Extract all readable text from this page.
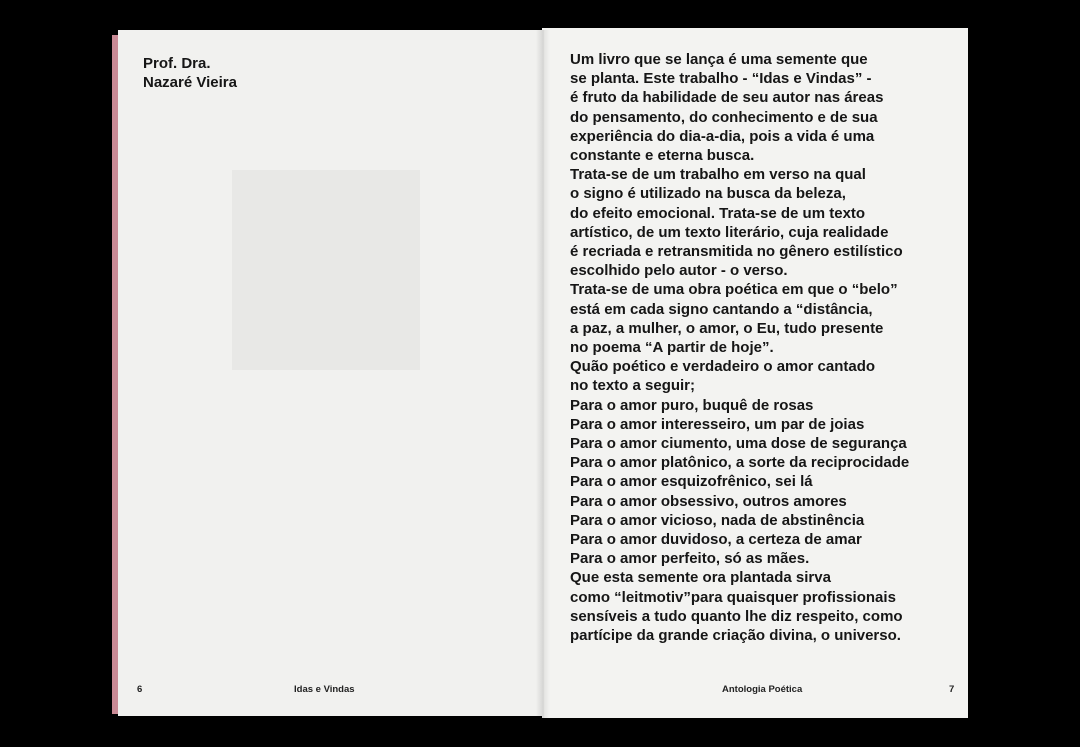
Prof. Dra.
Nazaré Vieira
Um livro que se lança é uma semente que
se planta. Este trabalho - “Idas e Vindas” -
é fruto da habilidade de seu autor nas áreas
do pensamento, do conhecimento e de sua
experiência do dia-a-dia, pois a vida é uma
constante e eterna busca.
Trata-se de um trabalho em verso na qual
o signo é utilizado na busca da beleza,
do efeito emocional. Trata-se de um texto
artístico, de um texto literário, cuja realidade
é recriada e retransmitida no gênero estilístico
escolhido pelo autor - o verso.
Trata-se de uma obra poética em que o “belo”
está em cada signo cantando a “distância,
a paz, a mulher, o amor, o Eu, tudo presente
no poema “A partir de hoje”.
Quão poético e verdadeiro o amor cantado
no texto a seguir;
Para o amor puro, buquê de rosas
Para o amor interesseiro, um par de joias
Para o amor ciumento, uma dose de segurança
Para o amor platônico, a sorte da reciprocidade
Para o amor esquizofrênico, sei lá
Para o amor obsessivo, outros amores
Para o amor vicioso, nada de abstinência
Para o amor duvidoso, a certeza de amar
Para o amor perfeito, só as mães.
Que esta semente ora plantada sirva
como “leitmotiv”para quaisquer profissionais
sensíveis a tudo quanto lhe diz respeito, como
partícipe da grande criação divina, o universo.
6	Idas e Vindas	Antologia Poética	7
